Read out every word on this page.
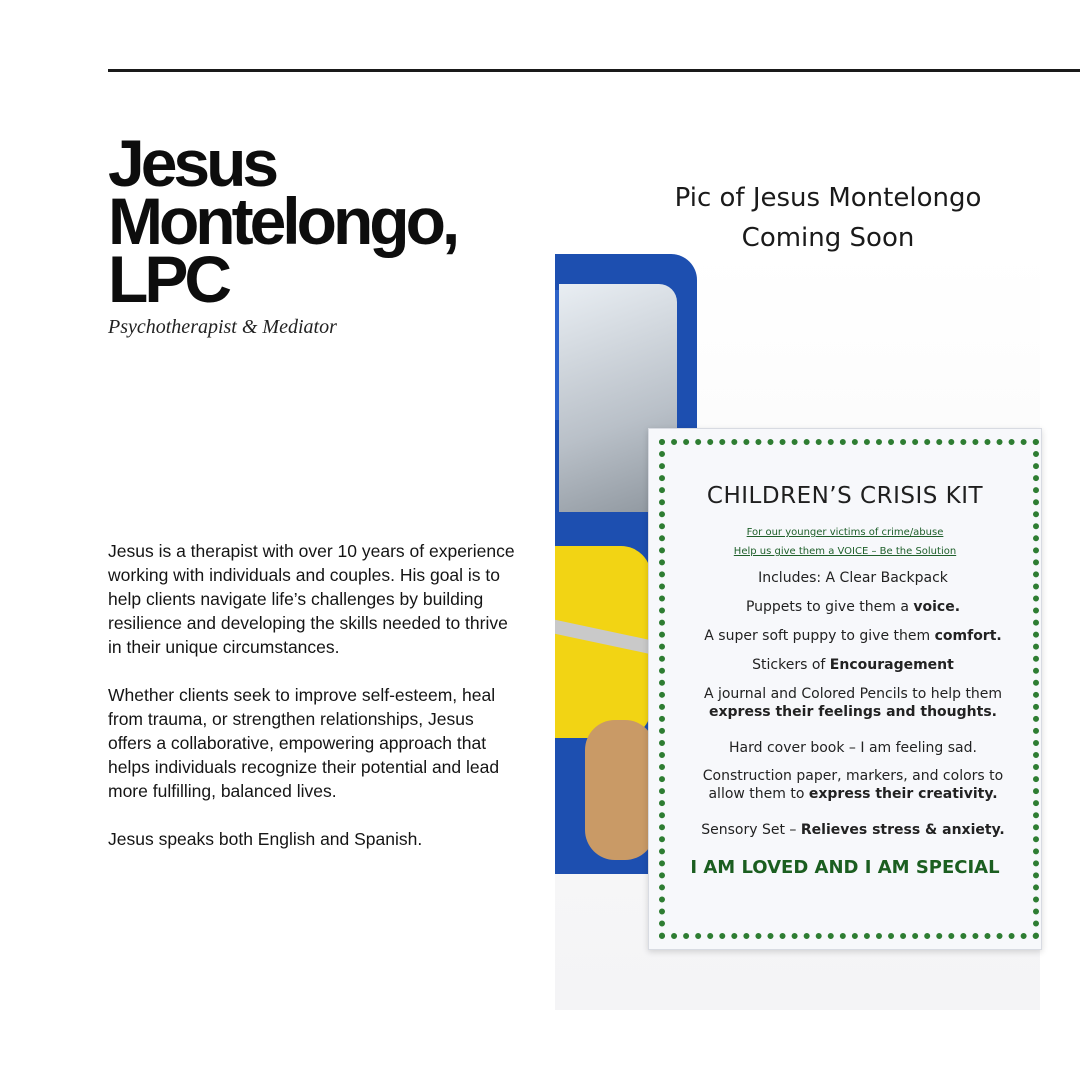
Jesus
Montelongo,
LPC

Psychotherapist & Mediator

Jesus is a therapist with over 10 years of experience working with individuals and couples. His goal is to help clients navigate life’s challenges by building resilience and developing the skills needed to thrive in their unique circumstances.

Whether clients seek to improve self-esteem, heal from trauma, or strengthen relationships, Jesus offers a collaborative, empowering approach that helps individuals recognize their potential and lead more fulfilling, balanced lives.

Jesus speaks both English and Spanish.

Pic of Jesus Montelongo
Coming Soon
CHILDREN’S CRISIS KIT
For our younger victims of crime/abuse
Help us give them a VOICE – Be the Solution
Includes: A Clear Backpack
Puppets to give them a voice.
A super soft puppy to give them comfort.
Stickers of Encouragement
A journal and Colored Pencils to help them express their feelings and thoughts.
Hard cover book – I am feeling sad.
Construction paper, markers, and colors to allow them to express their creativity.
Sensory Set – Relieves stress & anxiety.
I AM LOVED AND I AM SPECIAL
